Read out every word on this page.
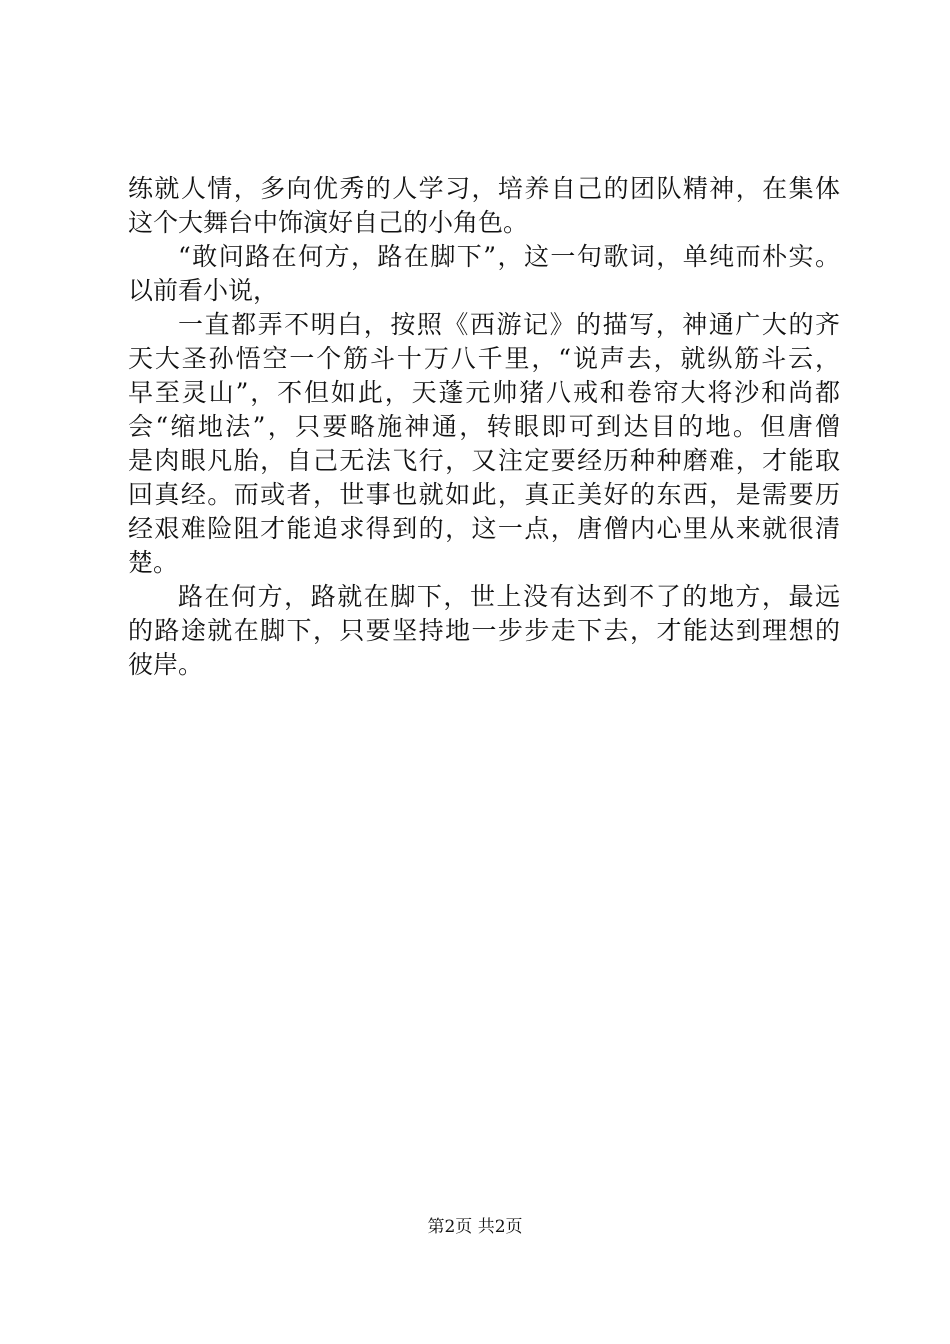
练就人情，多向优秀的人学习，培养自己的团队精神，在集体
这个大舞台中饰演好自己的小角色。
“敢问路在何方，路在脚下”，这一句歌词，单纯而朴实。
以前看小说，
一直都弄不明白，按照《西游记》的描写，神通广大的齐
天大圣孙悟空一个筋斗十万八千里，“说声去，就纵筋斗云，
早至灵山”，不但如此，天蓬元帅猪八戒和卷帘大将沙和尚都
会“缩地法”，只要略施神通，转眼即可到达目的地。但唐僧
是肉眼凡胎，自己无法飞行，又注定要经历种种磨难，才能取
回真经。而或者，世事也就如此，真正美好的东西，是需要历
经艰难险阻才能追求得到的，这一点，唐僧内心里从来就很清
楚。
路在何方，路就在脚下，世上没有达到不了的地方，最远
的路途就在脚下，只要坚持地一步步走下去，才能达到理想的
彼岸。
第2页 共2页
